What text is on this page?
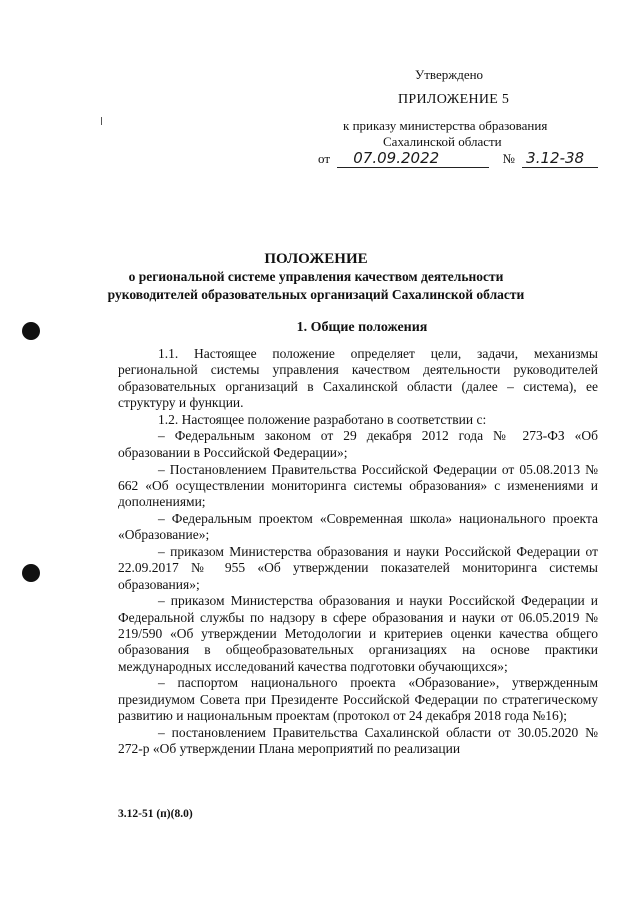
Утверждено
ПРИЛОЖЕНИЕ 5
к приказу министерства образования
Сахалинской области
от 07.09.2022	№ 3.12-38
ПОЛОЖЕНИЕ
о региональной системе управления качеством деятельности
руководителей образовательных организаций Сахалинской области
1. Общие положения

1.1. Настоящее положение определяет цели, задачи, механизмы региональной системы управления качеством деятельности руководителей образовательных организаций в Сахалинской области (далее – система), ее структуру и функции.

1.2. Настоящее положение разработано в соответствии с:

– Федеральным законом от 29 декабря 2012 года № 273-ФЗ «Об образовании в Российской Федерации»;

– Постановлением Правительства Российской Федерации от 05.08.2013 № 662 «Об осуществлении мониторинга системы образования» с изменениями и дополнениями;

– Федеральным проектом «Современная школа» национального проекта «Образование»;

– приказом Министерства образования и науки Российской Федерации от 22.09.2017 № 955 «Об утверждении показателей мониторинга системы образования»;

– приказом Министерства образования и науки Российской Федерации и Федеральной службы по надзору в сфере образования и науки от 06.05.2019 № 219/590 «Об утверждении Методологии и критериев оценки качества общего образования в общеобразовательных организациях на основе практики международных исследований качества подготовки обучающихся»;

– паспортом национального проекта «Образование», утвержденным президиумом Совета при Президенте Российской Федерации по стратегическому развитию и национальным проектам (протокол от 24 декабря 2018 года №16);

– постановлением Правительства Сахалинской области от 30.05.2020 № 272-р «Об утверждении Плана мероприятий по реализации

3.12-51 (п)(8.0)
